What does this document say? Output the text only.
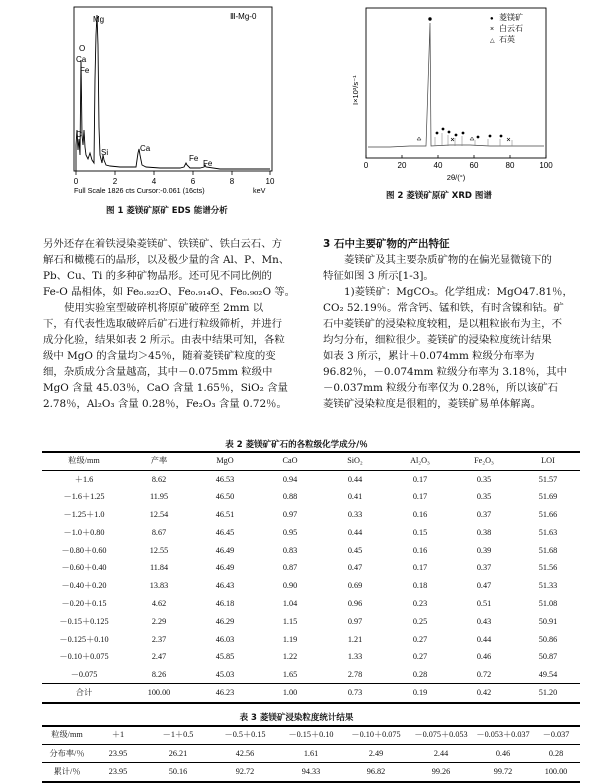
O
Ca
Fe
Mg
C
Si	Ca
Fe
Fe
Ⅲ-Mg-0
0	2	4	6	8	10
Full Scale 1826 cts Cursor:-0.061 (16cts)	keV
图 1 菱镁矿原矿 EDS 能谱分析
● 菱镁矿
× 白云石
△ 石英
I×10³/s⁻¹
0	20	40	60	80	100
2θ/(°)
图 2 菱镁矿原矿 XRD 图谱

另外还存在着铁浸染菱镁矿、铁镁矿、铁白云石、方

解石和橄榄石的晶形，以及极少量的含 Al、P、Mn、

Pb、Cu、Ti 的多种矿物晶形。还可见不同比例的

Fe-O 晶相体，如 Fe₀.₉₂₂O、Fe₀.₉₁₄O、Fe₀.₉₀₂O 等。

使用实验室型破碎机将原矿破碎至 2mm 以

下，有代表性选取破碎后矿石进行粒级筛析，并进行

成分化验，结果如表 2 所示。由表中结果可知，各粒

级中 MgO 的含量均＞45％，随着菱镁矿粒度的变

细，杂质成分含量越高，其中－0.075mm 粒级中

MgO 含量 45.03％，CaO 含量 1.65％，SiO₂ 含量

2.78％，Al₂O₃ 含量 0.28％，Fe₂O₃ 含量 0.72％。

3 石中主要矿物的产出特征

菱镁矿及其主要杂质矿物的在偏光显微镜下的

特征如图 3 所示[1-3]。

1)菱镁矿：MgCO₃。化学组成：MgO47.81％，

CO₂ 52.19％。常含钙、锰和铁，有时含镍和钴。矿

石中菱镁矿的浸染粒度较粗，是以粗粒嵌布为主，不

均匀分布，细粒很少。菱镁矿的浸染粒度统计结果

如表 3 所示，累计＋0.074mm 粒级分布率为

96.82％，－0.074mm 粒级分布率为 3.18％，其中

－0.037mm 粒级分布率仅为 0.28％，所以该矿石

菱镁矿浸染粒度是很粗的，菱镁矿易单体解离。

表 2 菱镁矿矿石的各粒级化学成分/％
粒级/mm	产率	MgO	CaO	SiO₂	Al₂O₃	Fe₂O₃	LOI
＋1.6	8.62	46.53	0.94	0.44	0.17	0.35	51.57
－1.6＋1.25	11.95	46.50	0.88	0.41	0.17	0.35	51.69
－1.25＋1.0	12.54	46.51	0.97	0.33	0.16	0.37	51.66
－1.0＋0.80	8.67	46.45	0.95	0.44	0.15	0.38	51.63
－0.80＋0.60	12.55	46.49	0.83	0.45	0.16	0.39	51.68
－0.60＋0.40	11.84	46.49	0.87	0.47	0.17	0.37	51.56
－0.40＋0.20	13.83	46.43	0.90	0.69	0.18	0.47	51.33
－0.20＋0.15	4.62	46.18	1.04	0.96	0.23	0.51	51.08
－0.15＋0.125	2.29	46.29	1.15	0.97	0.25	0.43	50.91
－0.125＋0.10	2.37	46.03	1.19	1.21	0.27	0.44	50.86
－0.10＋0.075	2.47	45.85	1.22	1.33	0.27	0.46	50.87
－0.075	8.26	45.03	1.65	2.78	0.28	0.72	49.54
合计	100.00	46.23	1.00	0.73	0.19	0.42	51.20
表 3 菱镁矿浸染粒度统计结果
粒级/mm	＋1	－1＋0.5	－0.5＋0.15	－0.15＋0.10	－0.10＋0.075	－0.075＋0.053	－0.053＋0.037	－0.037
分布率/％	23.95	26.21	42.56	1.61	2.49	2.44	0.46	0.28
累计/％	23.95	50.16	92.72	94.33	96.82	99.26	99.72	100.00
